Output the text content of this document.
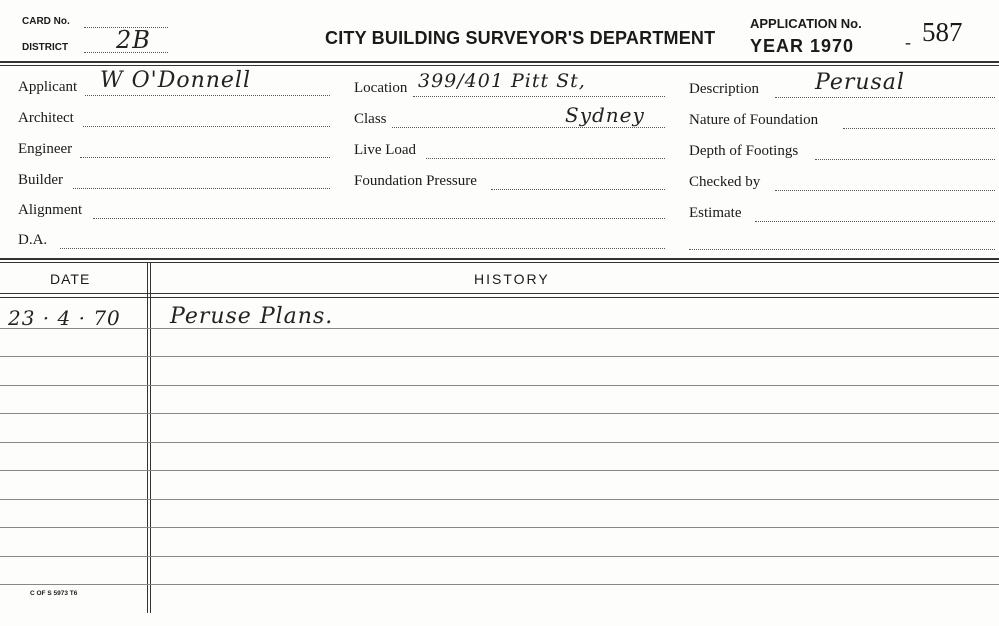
CARD No.
DISTRICT 2B	CITY BUILDING SURVEYOR'S DEPARTMENT
APPLICATION No.
YEAR 1970	587
-
Applicant W O'Donnell
Architect
Engineer
Builder
Alignment
D.A.
Location 399/401 Pitt St,
Class	Sydney
Live Load
Foundation Pressure
Description	Perusal
Nature of Foundation
Depth of Footings
Checked by
Estimate
DATE	HISTORY
23 · 4 · 70 Peruse Plans.
C OF S 5973 T6
